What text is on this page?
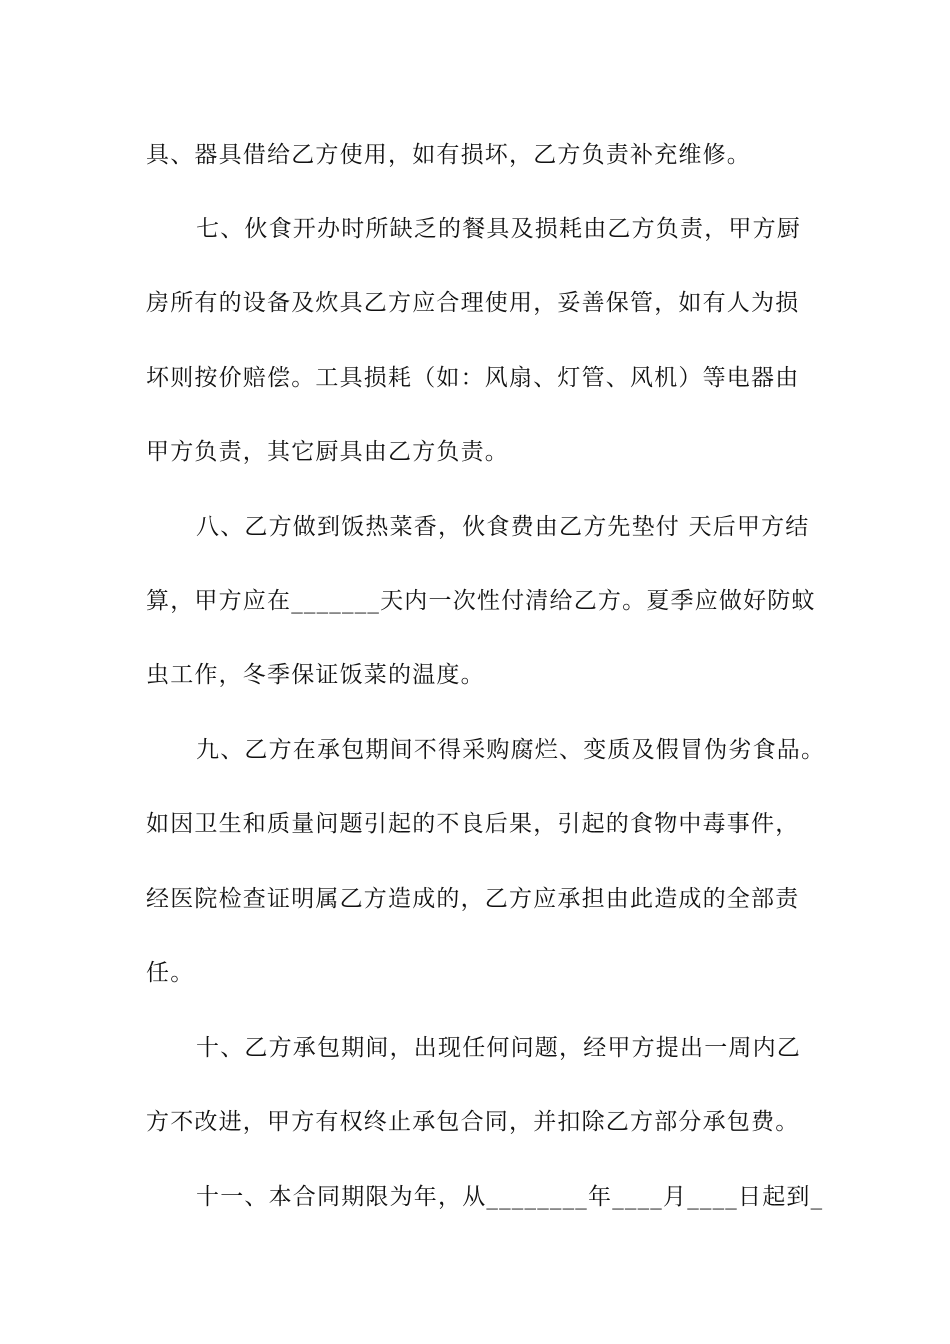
具、器具借给乙方使用，如有损坏，乙方负责补充维修。
七、伙食开办时所缺乏的餐具及损耗由乙方负责，甲方厨
房所有的设备及炊具乙方应合理使用，妥善保管，如有人为损
坏则按价赔偿。工具损耗（如：风扇、灯管、风机）等电器由
甲方负责，其它厨具由乙方负责。
八、乙方做到饭热菜香，伙食费由乙方先垫付 天后甲方结
算，甲方应在_______天内一次性付清给乙方。夏季应做好防蚊
虫工作，冬季保证饭菜的温度。
九、乙方在承包期间不得采购腐烂、变质及假冒伪劣食品。
如因卫生和质量问题引起的不良后果，引起的食物中毒事件，
经医院检查证明属乙方造成的，乙方应承担由此造成的全部责
任。
十、乙方承包期间，出现任何问题，经甲方提出一周内乙
方不改进，甲方有权终止承包合同，并扣除乙方部分承包费。
十一、本合同期限为年，从________年____月____日起到_
